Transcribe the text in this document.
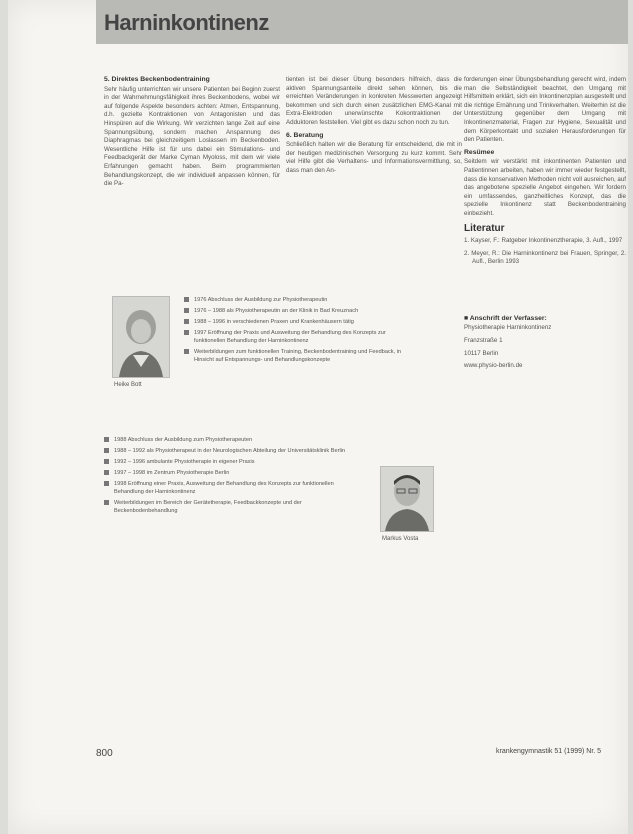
Harninkontinenz
5. Direktes Beckenbodentraining

Sehr häufig unterrichten wir unsere Patienten bei Beginn zuerst in der Wahrnehmungsfähigkeit ihres Beckenbodens, wobei wir auf folgende Aspekte besonders achten: Atmen, Entspannung, d.h. gezielte Kontraktionen von Antagonisten und das Hinspüren auf die Wirkung. Wir verzichten lange Zeit auf eine Spannungsübung, sondern machen Anspannung des Diaphragmas bei gleichzeitigem Loslassen im Beckenboden. Wesentliche Hilfe ist für uns dabei ein Stimulations- und Feedbackgerät der Marke Cyman Myoloss, mit dem wir viele Erfahrungen gemacht haben. Beim programmierten Behandlungskonzept, die wir individuell anpassen können, für die Pa-

tienten ist bei dieser Übung besonders hilfreich, dass die aktiven Spannungsanteile direkt sehen können, bis die erreichten Veränderungen in konkreten Messwerten angezeigt bekommen und sich durch einen zusätzlichen EMG-Kanal mit Extra-Elektroden unerwünschte Kokontraktionen der Adduktoren feststellen. Viel gibt es dazu schon noch zu tun.

6. Beratung

Schließlich halten wir die Beratung für entscheidend, die mit in der heutigen medizinischen Versorgung zu kurz kommt. Sehr viel Hilfe gibt die Verhaltens- und Informationsvermittlung, so, dass man den An-

forderungen einer Übungsbehandlung gerecht wird, indem man die Selbständigkeit beachtet, den Umgang mit Hilfsmitteln erklärt, sich ein Inkontinenzplan ausgestellt und die richtige Ernährung und Trinkverhalten. Weiterhin ist die Unterstützung gegenüber dem Umgang mit Inkontinenzmaterial, Fragen zur Hygiene, Sexualität und dem Körperkontakt und sozialen Herausforderungen für den Patienten.

Resümee

Seitdem wir verstärkt mit inkontinenten Patienten und Patientinnen arbeiten, haben wir immer wieder festgestellt, dass die konservativen Methoden nicht voll ausreichen, auf das angebotene spezielle Angebot eingehen. Wir fordern ein umfassendes, ganzheitliches Konzept, das die spezielle Inkontinenz statt Beckenbodentraining einbezieht.

Literatur

1. Kayser, F.: Ratgeber Inkontinenztherapie, 3. Aufl., 1997

2. Meyer, R.: Die Harninkontinenz bei Frauen, Springer, 2. Aufl., Berlin 1993

■ Anschrift der Verfasser:

Physiotherapie Harninkontinenz

Franzstraße 1

10117 Berlin

www.physio-berlin.de

Heike Bott
1976 Abschluss der Ausbildung zur Physiotherapeutin
1976 – 1988 als Physiotherapeutin an der Klinik in Bad Kreuznach
1988 – 1996 in verschiedenen Praxen und Krankenhäusern tätig
1997 Eröffnung der Praxis und Ausweitung der Behandlung des Konzepts zur funktionellen Behandlung der Harninkontinenz
Weiterbildungen zum funktionellen Training, Beckenbodentraining und Feedback, in Hinsicht auf Entspannungs- und Behandlungskonzepte
1988 Abschluss der Ausbildung zum Physiotherapeuten
1988 – 1992 als Physiotherapeut in der Neurologischen Abteilung der Universitätsklinik Berlin
1992 – 1996 ambulante Physiotherapie in eigener Praxis
1997 – 1998 im Zentrum Physiotherapie Berlin
1998 Eröffnung einer Praxis, Ausweitung der Behandlung des Konzepts zur funktionellen Behandlung der Harninkontinenz
Weiterbildungen im Bereich der Gerätetherapie, Feedbackkonzepte und der Beckenbodenbehandlung
Markus Vosta
800	krankengymnastik 51 (1999) Nr. 5
